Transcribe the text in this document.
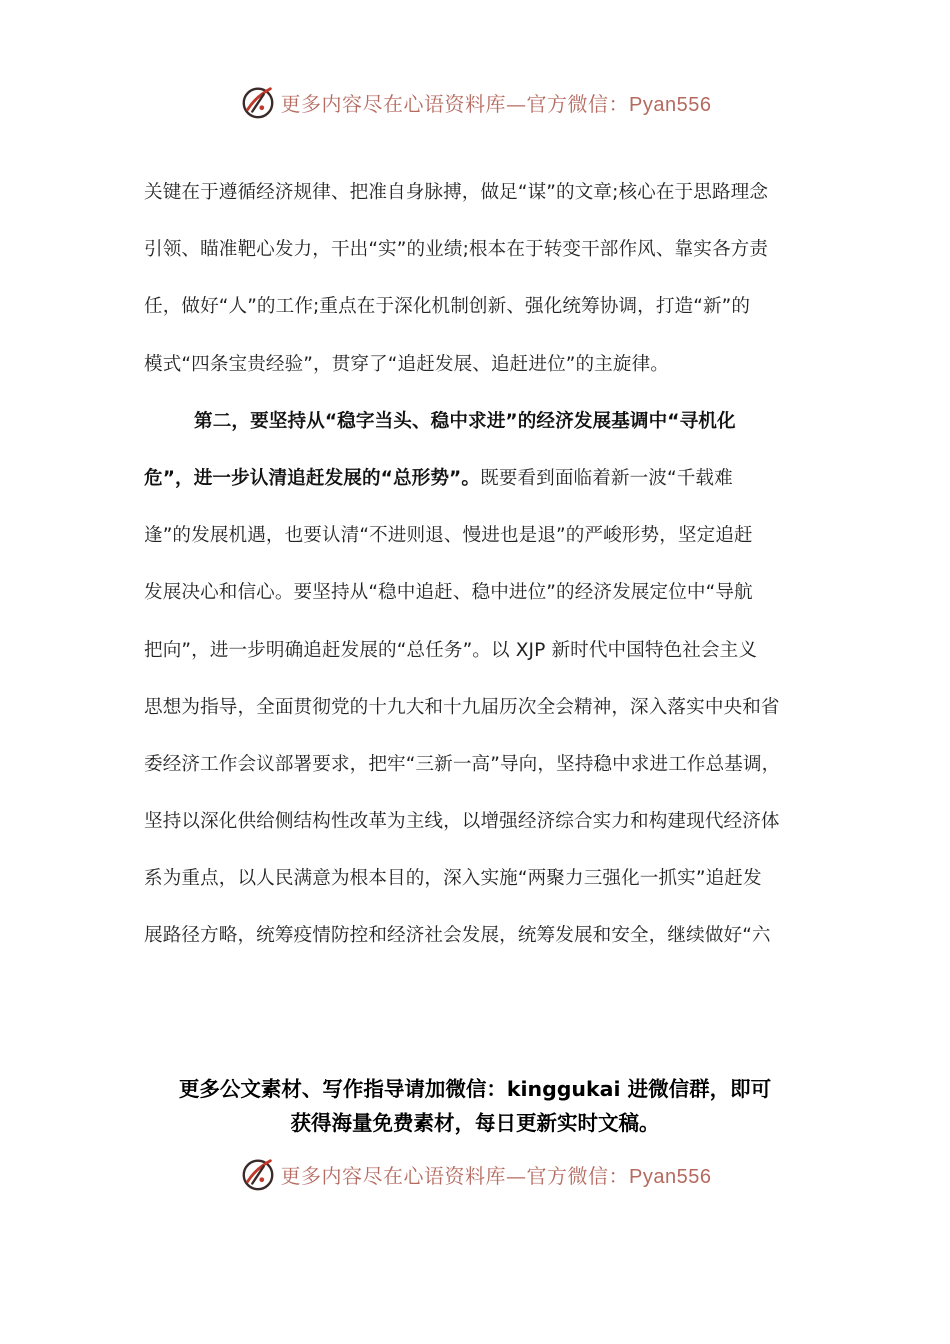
更多内容尽在心语资料库—官方微信：Pyan556
关键在于遵循经济规律、把准自身脉搏，做足“谋”的文章;核心在于思路理念
引领、瞄准靶心发力，干出“实”的业绩;根本在于转变干部作风、靠实各方责
任，做好“人”的工作;重点在于深化机制创新、强化统筹协调，打造“新”的
模式“四条宝贵经验”，贯穿了“追赶发展、追赶进位”的主旋律。
第二，要坚持从“稳字当头、稳中求进”的经济发展基调中“寻机化
危”，进一步认清追赶发展的“总形势”。既要看到面临着新一波“千载难
逢”的发展机遇，也要认清“不进则退、慢进也是退”的严峻形势，坚定追赶
发展决心和信心。要坚持从“稳中追赶、稳中进位”的经济发展定位中“导航
把向”，进一步明确追赶发展的“总任务”。以 XJP 新时代中国特色社会主义
思想为指导，全面贯彻党的十九大和十九届历次全会精神，深入落实中央和省
委经济工作会议部署要求，把牢“三新一高”导向，坚持稳中求进工作总基调，
坚持以深化供给侧结构性改革为主线，以增强经济综合实力和构建现代经济体
系为重点，以人民满意为根本目的，深入实施“两聚力三强化一抓实”追赶发
展路径方略，统筹疫情防控和经济社会发展，统筹发展和安全，继续做好“六
更多公文素材、写作指导请加微信：kinggukai 进微信群，即可
获得海量免费素材，每日更新实时文稿。
更多内容尽在心语资料库—官方微信：Pyan556
